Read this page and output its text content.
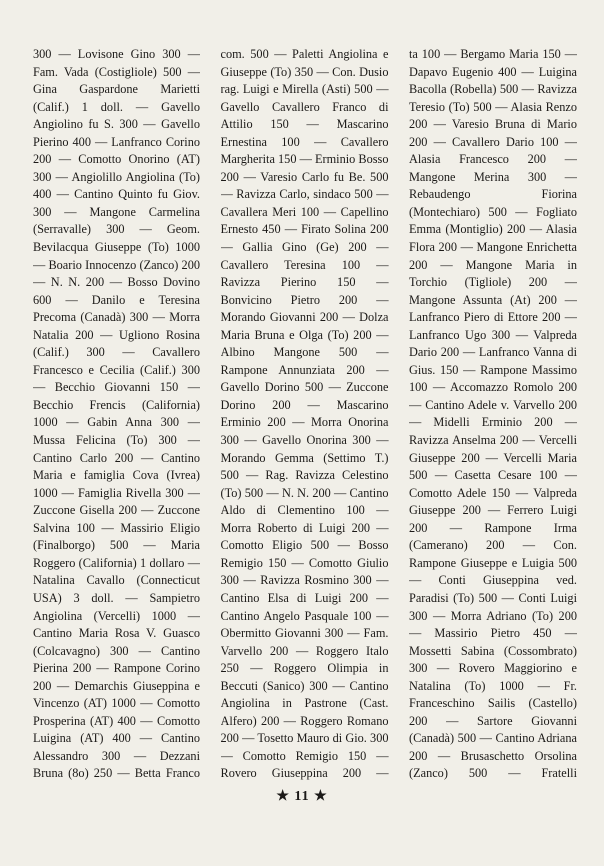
300 — Lovisone Gino 300 — Fam. Vada (Costigliole) 500 — Gina Gaspardone Marietti (Calif.) 1 doll. — Gavello Angiolino fu S. 300 — Gavello Pierino 400 — Lanfranco Corino 200 — Comotto Onorino (AT) 300 — Angiolillo Angiolina (To) 400 — Cantino Quinto fu Giov. 300 — Mangone Carmelina (Serravalle) 300 — Geom. Bevilacqua Giuseppe (To) 1000 — Boario Innocenzo (Zanco) 200 — N. N. 200 — Bosso Dovino 600 — Danilo e Teresina Precoma (Canadà) 300 — Morra Natalia 200 — Ugliono Rosina (Calif.) 300 — Cavallero Francesco e Cecilia (Calif.) 300 — Becchio Giovanni 150 — Becchio Frencis (California) 1000 — Gabin Anna 300 — Mussa Felicina (To) 300 — Cantino Carlo 200 — Cantino Maria e famiglia Cova (Ivrea) 1000 — Famiglia Rivella 300 — Zuccone Gisella 200 — Zuccone Salvina 100 — Massirio Eligio (Finalborgo) 500 — Maria Roggero (California) 1 dollaro — Natalina Cavallo (Connecticut USA) 3 doll. — Sampietro Angiolina (Vercelli) 1000 — Cantino Maria Rosa V. Guasco (Colcavagno) 300 — Cantino Pierina 200 — Rampone Corino 200 — Demarchis Giuseppina e Vincenzo (AT) 1000 — Comotto Prosperina (AT) 400 — Comotto Luigina (AT) 400 — Cantino Alessandro 300 — Dezzani Bruna (8o) 250 — Betta Franco
com. 500 — Paletti Angiolina e Giuseppe (To) 350 — Con. Dusio rag. Luigi e Mirella (Asti) 500 — Gavello Cavallero Franco di Attilio 150 — Mascarino Ernestina 100 — Cavallero Margherita 150 — Erminio Bosso 200 — Varesio Carlo fu Be. 500 — Ravizza Carlo, sindaco 500 — Cavallera Meri 100 — Capellino Ernesto 450 — Firato Solina 200 — Gallia Gino (Ge) 200 — Cavallero Teresina 100 — Ravizza Pierino 150 — Bonvicino Pietro 200 — Morando Giovanni 200 — Dolza Maria Bruna e Olga (To) 200 — Albino Mangone 500 — Rampone Annunziata 200 — Gavello Dorino 500 — Zuccone Dorino 200 — Mascarino Erminio 200 — Morra Onorina 300 — Gavello Onorina 300 — Morando Gemma (Settimo T.) 500 — Rag. Ravizza Celestino (To) 500 — N. N. 200 — Cantino Aldo di Clementino 100 — Morra Roberto di Luigi 200 — Comotto Eligio 500 — Bosso Remigio 150 — Comotto Giulio 300 — Ravizza Rosmino 300 — Cantino Elsa di Luigi 200 — Cantino Angelo Pasquale 100 — Obermitto Giovanni 300 — Fam. Varvello 200 — Roggero Italo 250 — Roggero Olimpia in Beccuti (Sanico) 300 — Cantino Angiolina in Pastrone (Cast. Alfero) 200 — Roggero Romano 200 — Tosetto Mauro di Gio. 300 — Comotto Remigio 150 — Rovero Giuseppina 200 —
ta 100 — Bergamo Maria 150 — Dapavo Eugenio 400 — Luigina Bacolla (Robella) 500 — Ravizza Teresio (To) 500 — Alasia Renzo 200 — Varesio Bruna di Mario 200 — Cavallero Dario 100 — Alasia Francesco 200 — Mangone Merina 300 — Rebaudengo Fiorina (Montechiaro) 500 — Fogliato Emma (Montiglio) 200 — Alasia Flora 200 — Mangone Enrichetta 200 — Mangone Maria in Torchio (Tigliole) 200 — Mangone Assunta (At) 200 — Lanfranco Piero di Ettore 200 — Lanfranco Ugo 300 — Valpreda Dario 200 — Lanfranco Vanna di Gius. 150 — Rampone Massimo 100 — Accomazzo Romolo 200 — Cantino Adele v. Varvello 200 — Midelli Erminio 200 — Ravizza Anselma 200 — Vercelli Giuseppe 200 — Vercelli Maria 500 — Casetta Cesare 100 — Comotto Adele 150 — Valpreda Giuseppe 200 — Ferrero Luigi 200 — Rampone Irma (Camerano) 200 — Con. Rampone Giuseppe e Luigia 500 — Conti Giuseppina ved. Paradisi (To) 500 — Conti Luigi 300 — Morra Adriano (To) 200 — Massirio Pietro 450 — Mossetti Sabina (Cossombrato) 300 — Rovero Maggiorino e Natalina (To) 1000 — Fr. Franceschino Sailis (Castello) 200 — Sartore Giovanni (Canadà) 500 — Cantino Adriana 200 — Brusaschetto Orsolina (Zanco) 500 — Fratelli
★ 11 ★
